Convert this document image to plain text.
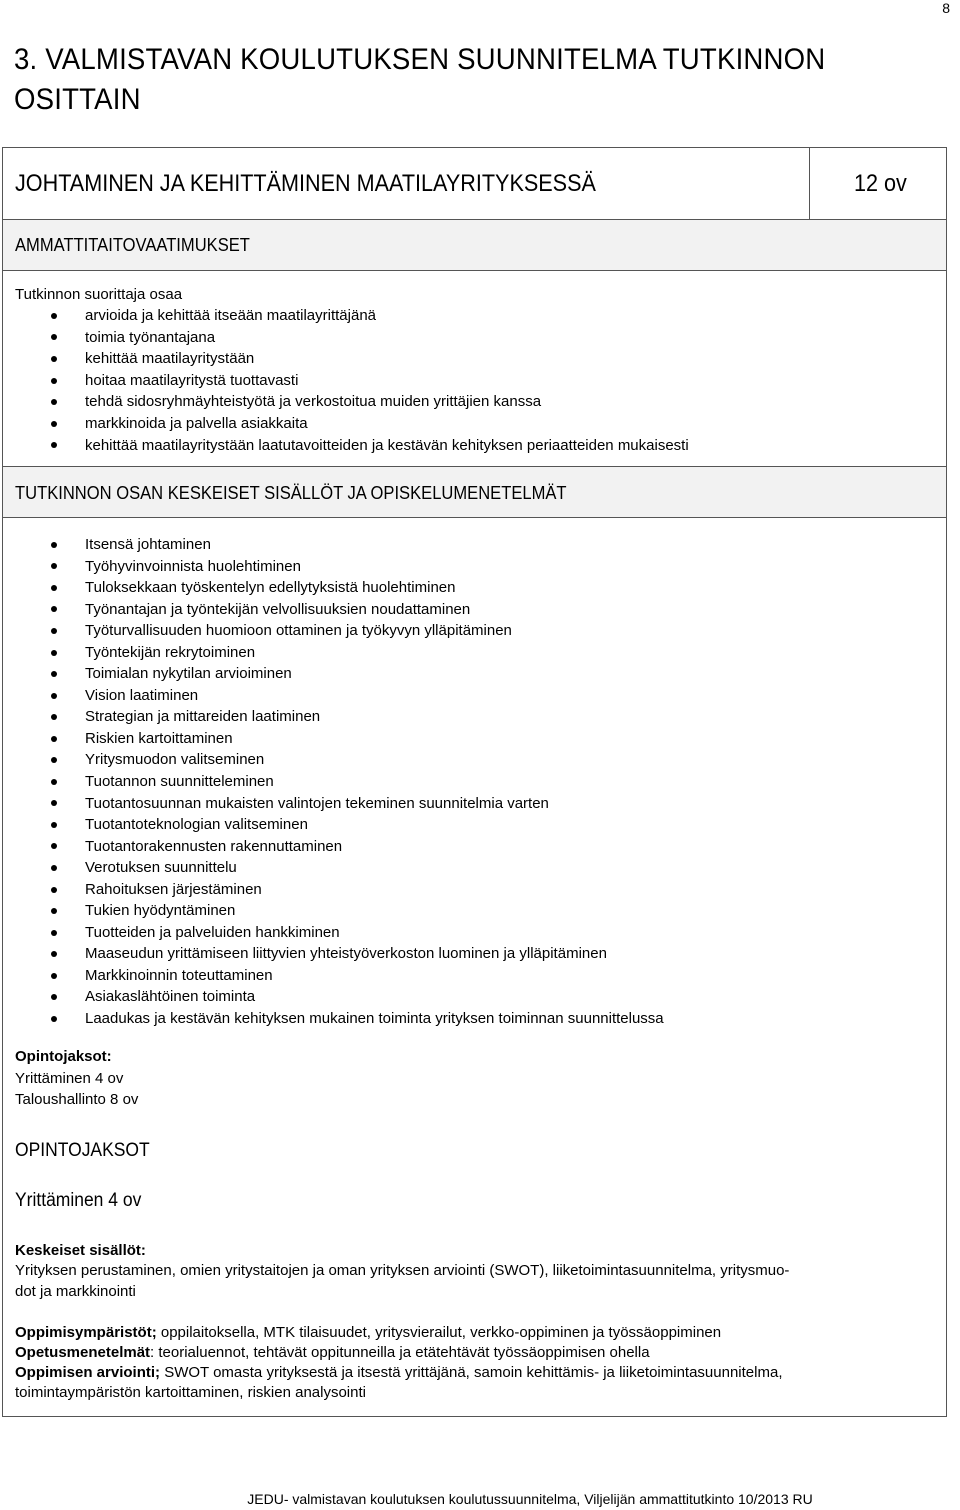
8
3. VALMISTAVAN KOULUTUKSEN SUUNNITELMA TUTKINNON
OSITTAIN
JOHTAMINEN JA KEHITTÄMINEN MAATILAYRITYKSESSÄ	12 ov
AMMATTITAITOVAATIMUKSET
Tutkinnon suorittaja osaa
arvioida ja kehittää itseään maatilayrittäjänä
toimia työnantajana
kehittää maatilayritystään
hoitaa maatilayritystä tuottavasti
tehdä sidosryhmäyhteistyötä ja verkostoitua muiden yrittäjien kanssa
markkinoida ja palvella asiakkaita
kehittää maatilayritystään laatutavoitteiden ja kestävän kehityksen periaatteiden mukaisesti
TUTKINNON OSAN KESKEISET SISÄLLÖT JA OPISKELUMENETELMÄT
Itsensä johtaminen
Työhyvinvoinnista huolehtiminen
Tuloksekkaan työskentelyn edellytyksistä huolehtiminen
Työnantajan ja työntekijän velvollisuuksien noudattaminen
Työturvallisuuden huomioon ottaminen ja työkyvyn ylläpitäminen
Työntekijän rekrytoiminen
Toimialan nykytilan arvioiminen
Vision laatiminen
Strategian ja mittareiden laatiminen
Riskien kartoittaminen
Yritysmuodon valitseminen
Tuotannon suunnitteleminen
Tuotantosuunnan mukaisten valintojen tekeminen suunnitelmia varten
Tuotantoteknologian valitseminen
Tuotantorakennusten rakennuttaminen
Verotuksen suunnittelu
Rahoituksen järjestäminen
Tukien hyödyntäminen
Tuotteiden ja palveluiden hankkiminen
Maaseudun yrittämiseen liittyvien yhteistyöverkoston luominen ja ylläpitäminen
Markkinoinnin toteuttaminen
Asiakaslähtöinen toiminta
Laadukas ja kestävän kehityksen mukainen toiminta yrityksen toiminnan suunnittelussa
Opintojaksot:
Yrittäminen 4 ov
Taloushallinto 8 ov
OPINTOJAKSOT
Yrittäminen 4 ov
Keskeiset sisällöt:
Yrityksen perustaminen, omien yritystaitojen ja oman yrityksen arviointi (SWOT), liiketoimintasuunnitelma, yritysmuo-
dot ja markkinointi
Oppimisympäristöt; oppilaitoksella, MTK tilaisuudet, yritysvierailut, verkko-oppiminen ja työssäoppiminen
Opetusmenetelmät: teorialuennot, tehtävät oppitunneilla ja etätehtävät työssäoppimisen ohella
Oppimisen arviointi; SWOT omasta yrityksestä ja itsestä yrittäjänä, samoin kehittämis- ja liiketoimintasuunnitelma,
toimintaympäristön kartoittaminen, riskien analysointi
JEDU- valmistavan koulutuksen koulutussuunnitelma, Viljelijän ammattitutkinto 10/2013 RU
